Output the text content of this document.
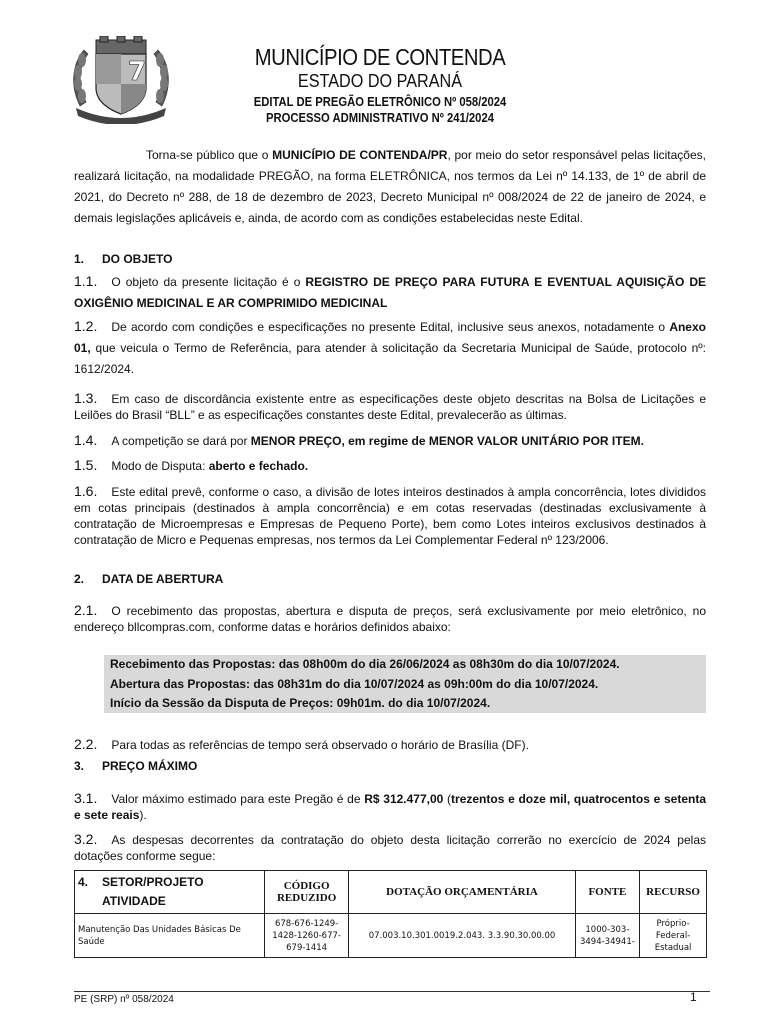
7	MUNICÍPIO DE CONTENDA
ESTADO DO PARANÁ
EDITAL DE PREGÃO ELETRÔNICO Nº 058/2024
PROCESSO ADMINISTRATIVO Nº 241/2024
Torna-se público que o MUNICÍPIO DE CONTENDA/PR, por meio do setor responsável pelas licitações, realizará licitação, na modalidade PREGÃO, na forma ELETRÔNICA, nos termos da Lei nº 14.133, de 1º de abril de 2021, do Decreto nº 288, de 18 de dezembro de 2023, Decreto Municipal nº 008/2024 de 22 de janeiro de 2024, e demais legislações aplicáveis e, ainda, de acordo com as condições estabelecidas neste Edital.
1. DO OBJETO
1.1. O objeto da presente licitação é o REGISTRO DE PREÇO PARA FUTURA E EVENTUAL AQUISIÇÃO DE OXIGÊNIO MEDICINAL E AR COMPRIMIDO MEDICINAL
1.2. De acordo com condições e especificações no presente Edital, inclusive seus anexos, notadamente o Anexo 01, que veicula o Termo de Referência, para atender à solicitação da Secretaria Municipal de Saúde, protocolo nº: 1612/2024.
1.3. Em caso de discordância existente entre as especificações deste objeto descritas na Bolsa de Licitações e Leilões do Brasil “BLL” e as especificações constantes deste Edital, prevalecerão as últimas.
1.4. A competição se dará por MENOR PREÇO, em regime de MENOR VALOR UNITÁRIO POR ITEM.
1.5. Modo de Disputa: aberto e fechado.
1.6. Este edital prevê, conforme o caso, a divisão de lotes inteiros destinados à ampla concorrência, lotes divididos em cotas principais (destinados à ampla concorrência) e em cotas reservadas (destinadas exclusivamente à contratação de Microempresas e Empresas de Pequeno Porte), bem como Lotes inteiros exclusivos destinados à contratação de Micro e Pequenas empresas, nos termos da Lei Complementar Federal nº 123/2006.
2. DATA DE ABERTURA
2.1. O recebimento das propostas, abertura e disputa de preços, será exclusivamente por meio eletrônico, no endereço bllcompras.com, conforme datas e horários definidos abaixo:

Recebimento das Propostas: das 08h00m do dia 26/06/2024 as 08h30m do dia 10/07/2024.

Abertura das Propostas: das 08h31m do dia 10/07/2024 as 09h:00m do dia 10/07/2024.

Início da Sessão da Disputa de Preços: 09h01m. do dia 10/07/2024.

2.2. Para todas as referências de tempo será observado o horário de Brasília (DF).
3. PREÇO MÁXIMO
3.1. Valor máximo estimado para este Pregão é de R$ 312.477,00 (trezentos e doze mil, quatrocentos e setenta e sete reais).
3.2. As despesas decorrentes da contratação do objeto desta licitação correrão no exercício de 2024 pelas dotações conforme segue:
4. SETOR/PROJETO
ATIVIDADE	CÓDIGO REDUZIDO	DOTAÇÃO ORÇAMENTÁRIA	FONTE	RECURSO
Manutenção Das Unidades Básicas De Saúde	678-676-1249-1428-1260-677-679-1414	07.003.10.301.0019.2.043. 3.3.90.30.00.00	1000-303-3494-34941-	Próprio-Federal-Estadual
PE (SRP) nº 058/2024	1
